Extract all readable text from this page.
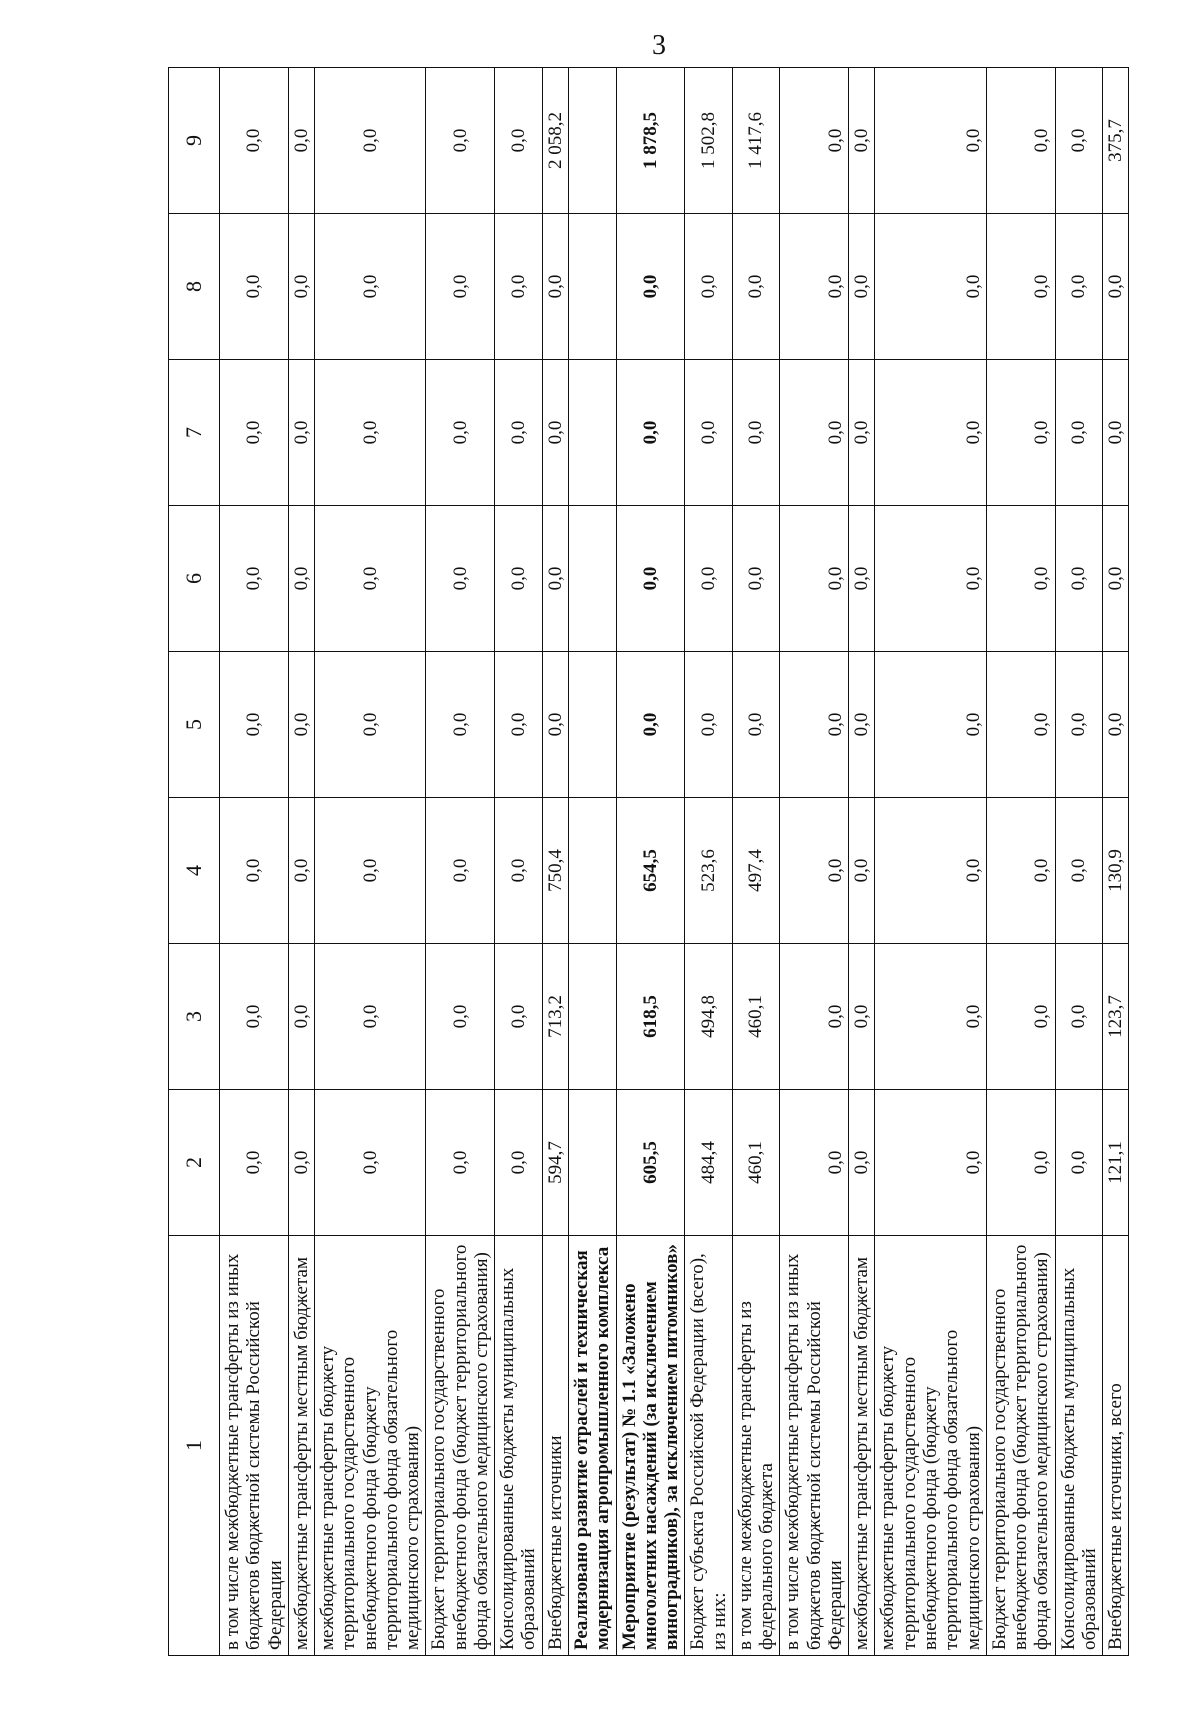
3
1	2	3	4	5	6	7	8	9
в том числе межбюджетные трансферты из иных бюджетов бюджетной системы Российской Федерации	0,0	0,0	0,0	0,0	0,0	0,0	0,0	0,0
межбюджетные трансферты местным бюджетам	0,0	0,0	0,0	0,0	0,0	0,0	0,0	0,0
межбюджетные трансферты бюджету территориального государственного внебюджетного фонда (бюджету территориального фонда обязательного медицинского страхования)	0,0	0,0	0,0	0,0	0,0	0,0	0,0	0,0
Бюджет территориального государственного внебюджетного фонда (бюджет территориального фонда обязательного медицинского страхования)	0,0	0,0	0,0	0,0	0,0	0,0	0,0	0,0
Консолидированные бюджеты муниципальных образований	0,0	0,0	0,0	0,0	0,0	0,0	0,0	0,0
Внебюджетные источники	594,7	713,2	750,4	0,0	0,0	0,0	0,0	2 058,2
Реализовано развитие отраслей и техническая модернизация агропромышленного комплекса								
Мероприятие (результат) № 1.1 «Заложено многолетних насаждений (за исключением виноградников), за исключением питомников»	605,5	618,5	654,5	0,0	0,0	0,0	0,0	1 878,5
Бюджет субъекта Российской Федерации (всего), из них:	484,4	494,8	523,6	0,0	0,0	0,0	0,0	1 502,8
в том числе межбюджетные трансферты из федерального бюджета	460,1	460,1	497,4	0,0	0,0	0,0	0,0	1 417,6
в том числе межбюджетные трансферты из иных бюджетов бюджетной системы Российской Федерации	0,0	0,0	0,0	0,0	0,0	0,0	0,0	0,0
межбюджетные трансферты местным бюджетам	0,0	0,0	0,0	0,0	0,0	0,0	0,0	0,0
межбюджетные трансферты бюджету территориального государственного внебюджетного фонда (бюджету территориального фонда обязательного медицинского страхования)	0,0	0,0	0,0	0,0	0,0	0,0	0,0	0,0
Бюджет территориального государственного внебюджетного фонда (бюджет территориального фонда обязательного медицинского страхования)	0,0	0,0	0,0	0,0	0,0	0,0	0,0	0,0
Консолидированные бюджеты муниципальных образований	0,0	0,0	0,0	0,0	0,0	0,0	0,0	0,0
Внебюджетные источники, всего	121,1	123,7	130,9	0,0	0,0	0,0	0,0	375,7
